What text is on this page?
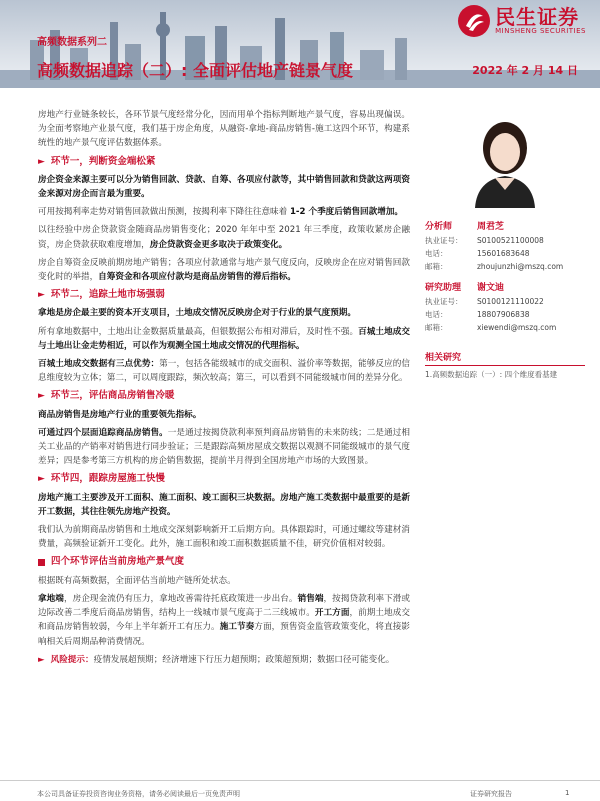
民生证券
MINSHENG SECURITIES
高频数据系列二
高频数据追踪（二）: 全面评估地产链景气度	2022 年 2 月 14 日

房地产行业链条较长，各环节景气度经常分化，因而用单个指标判断地产景气度，容易出现偏误。为全面考察地产业景气度，我们基于房企角度，从融资-拿地-商品房销售-施工这四个环节，构建系统性的地产景气度评估数据体系。

► 环节一，判断资金端松紧

房企资金来源主要可以分为销售回款、贷款、自筹、各项应付款等，其中销售回款和贷款这两项资金来源对房企而言最为重要。

可用按揭利率走势对销售回款做出预测，按揭利率下降往往意味着 1-2 个季度后销售回款增加。

以往经验中房企贷款资金随商品房销售变化；2020 年年中至 2021 年三季度，政策收紧房企融资，房企贷款获取难度增加，房企贷款资金更多取决于政策变化。

房企自筹资金反映前期房地产销售；各项应付款通常与地产景气度反向，反映房企在应对销售回款变化时的举措，自筹资金和各项应付款均是商品房销售的滞后指标。

► 环节二，追踪土地市场强弱

拿地是房企最主要的资本开支项目，土地成交情况反映房企对于行业的景气度预期。

所有拿地数据中，土地出让金数据质量最高，但银数据公布相对滞后，及时性不强。百城土地成交与土地出让金走势相近，可以作为观测全国土地成交情况的代理指标。

百城土地成交数据有三点优势：第一，包括各能级城市的成交面积、溢价率等数据，能够反应的信息维度较为立体；第二，可以周度跟踪，频次较高；第三，可以看到不同能级城市间的差异分化。

► 环节三，评估商品房销售冷暖

商品房销售是房地产行业的重要领先指标。

可通过四个层面追踪商品房销售。一是通过按揭贷款利率预判商品房销售的未来防线；二是通过相关工业品的产销率对销售进行同步验证；三是跟踪高频房屋成交数据以观测不同能级城市的景气度差异；四是参考第三方机构的房企销售数据，提前半月得到全国房地产市场的大致图景。

► 环节四，跟踪房屋施工快慢

房地产施工主要涉及开工面积、施工面积、竣工面积三块数据。房地产施工类数据中最重要的是新开工数据，其往往领先房地产投资。

我们认为前期商品房销售和土地成交深刻影响新开工后期方向。具体跟踪时，可通过螺纹等建材消费量，高频验证新开工变化。此外，施工面积和竣工面积数据质量不佳，研究价值相对较弱。

四个环节评估当前房地产景气度

根据既有高频数据，全面评估当前地产链所处状态。

拿地端，房企现金流仍有压力，拿地改善需待托底政策进一步出台。销售端，按揭贷款利率下滑或边际改善二季度后商品房销售，结构上一线城市景气度高于二三线城市。开工方面，前期土地成交和商品房销售较弱，今年上半年新开工有压力。施工节奏方面，预售资金监管政策变化，将直接影响相关后周期品种消费情况。

► 风险提示：疫情发展超预期；经济增速下行压力超预期；政策超预期；数据口径可能变化。

分析师	周君芝
执业证号：	S0100521100008
电话：	15601683648
邮箱：	zhoujunzhi@mszq.com
研究助理	谢文迪
执业证号：	S0100121110022
电话：	18807906838
邮箱：	xiewendi@mszq.com
相关研究
1.高频数据追踪（一）: 四个维度看基建
本公司具备证券投资咨询业务资格，请务必阅读最后一页免责声明	证券研究报告	1
